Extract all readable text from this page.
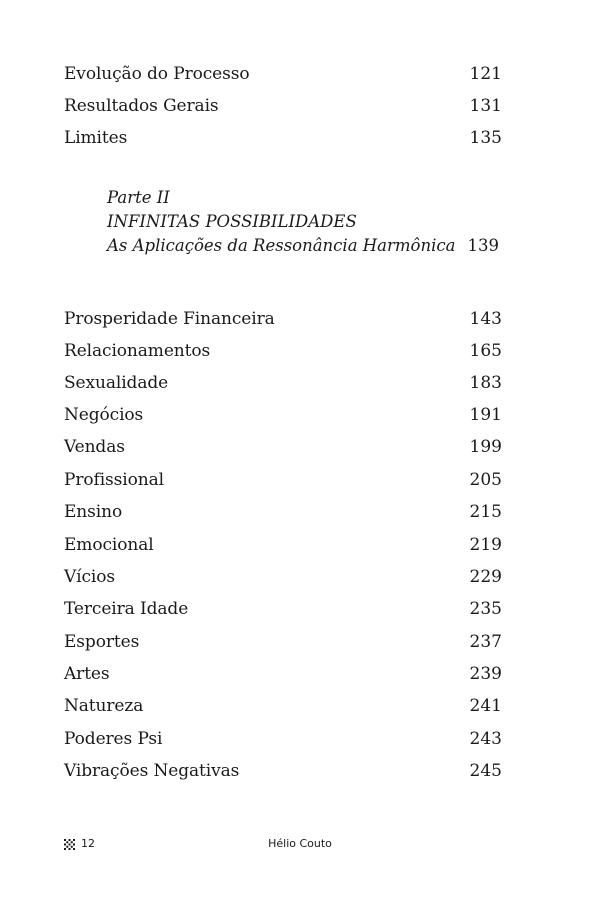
Evolução do Processo	121
Resultados Gerais	131
Limites	135
Parte II
INFINITAS POSSIBILIDADES
As Aplicações da Ressonância Harmônica 139
Prosperidade Financeira	143
Relacionamentos	165
Sexualidade	183
Negócios	191
Vendas	199
Profissional	205
Ensino	215
Emocional	219
Vícios	229
Terceira Idade	235
Esportes	237
Artes	239
Natureza	241
Poderes Psi	243
Vibrações Negativas	245
12	Hélio Couto
